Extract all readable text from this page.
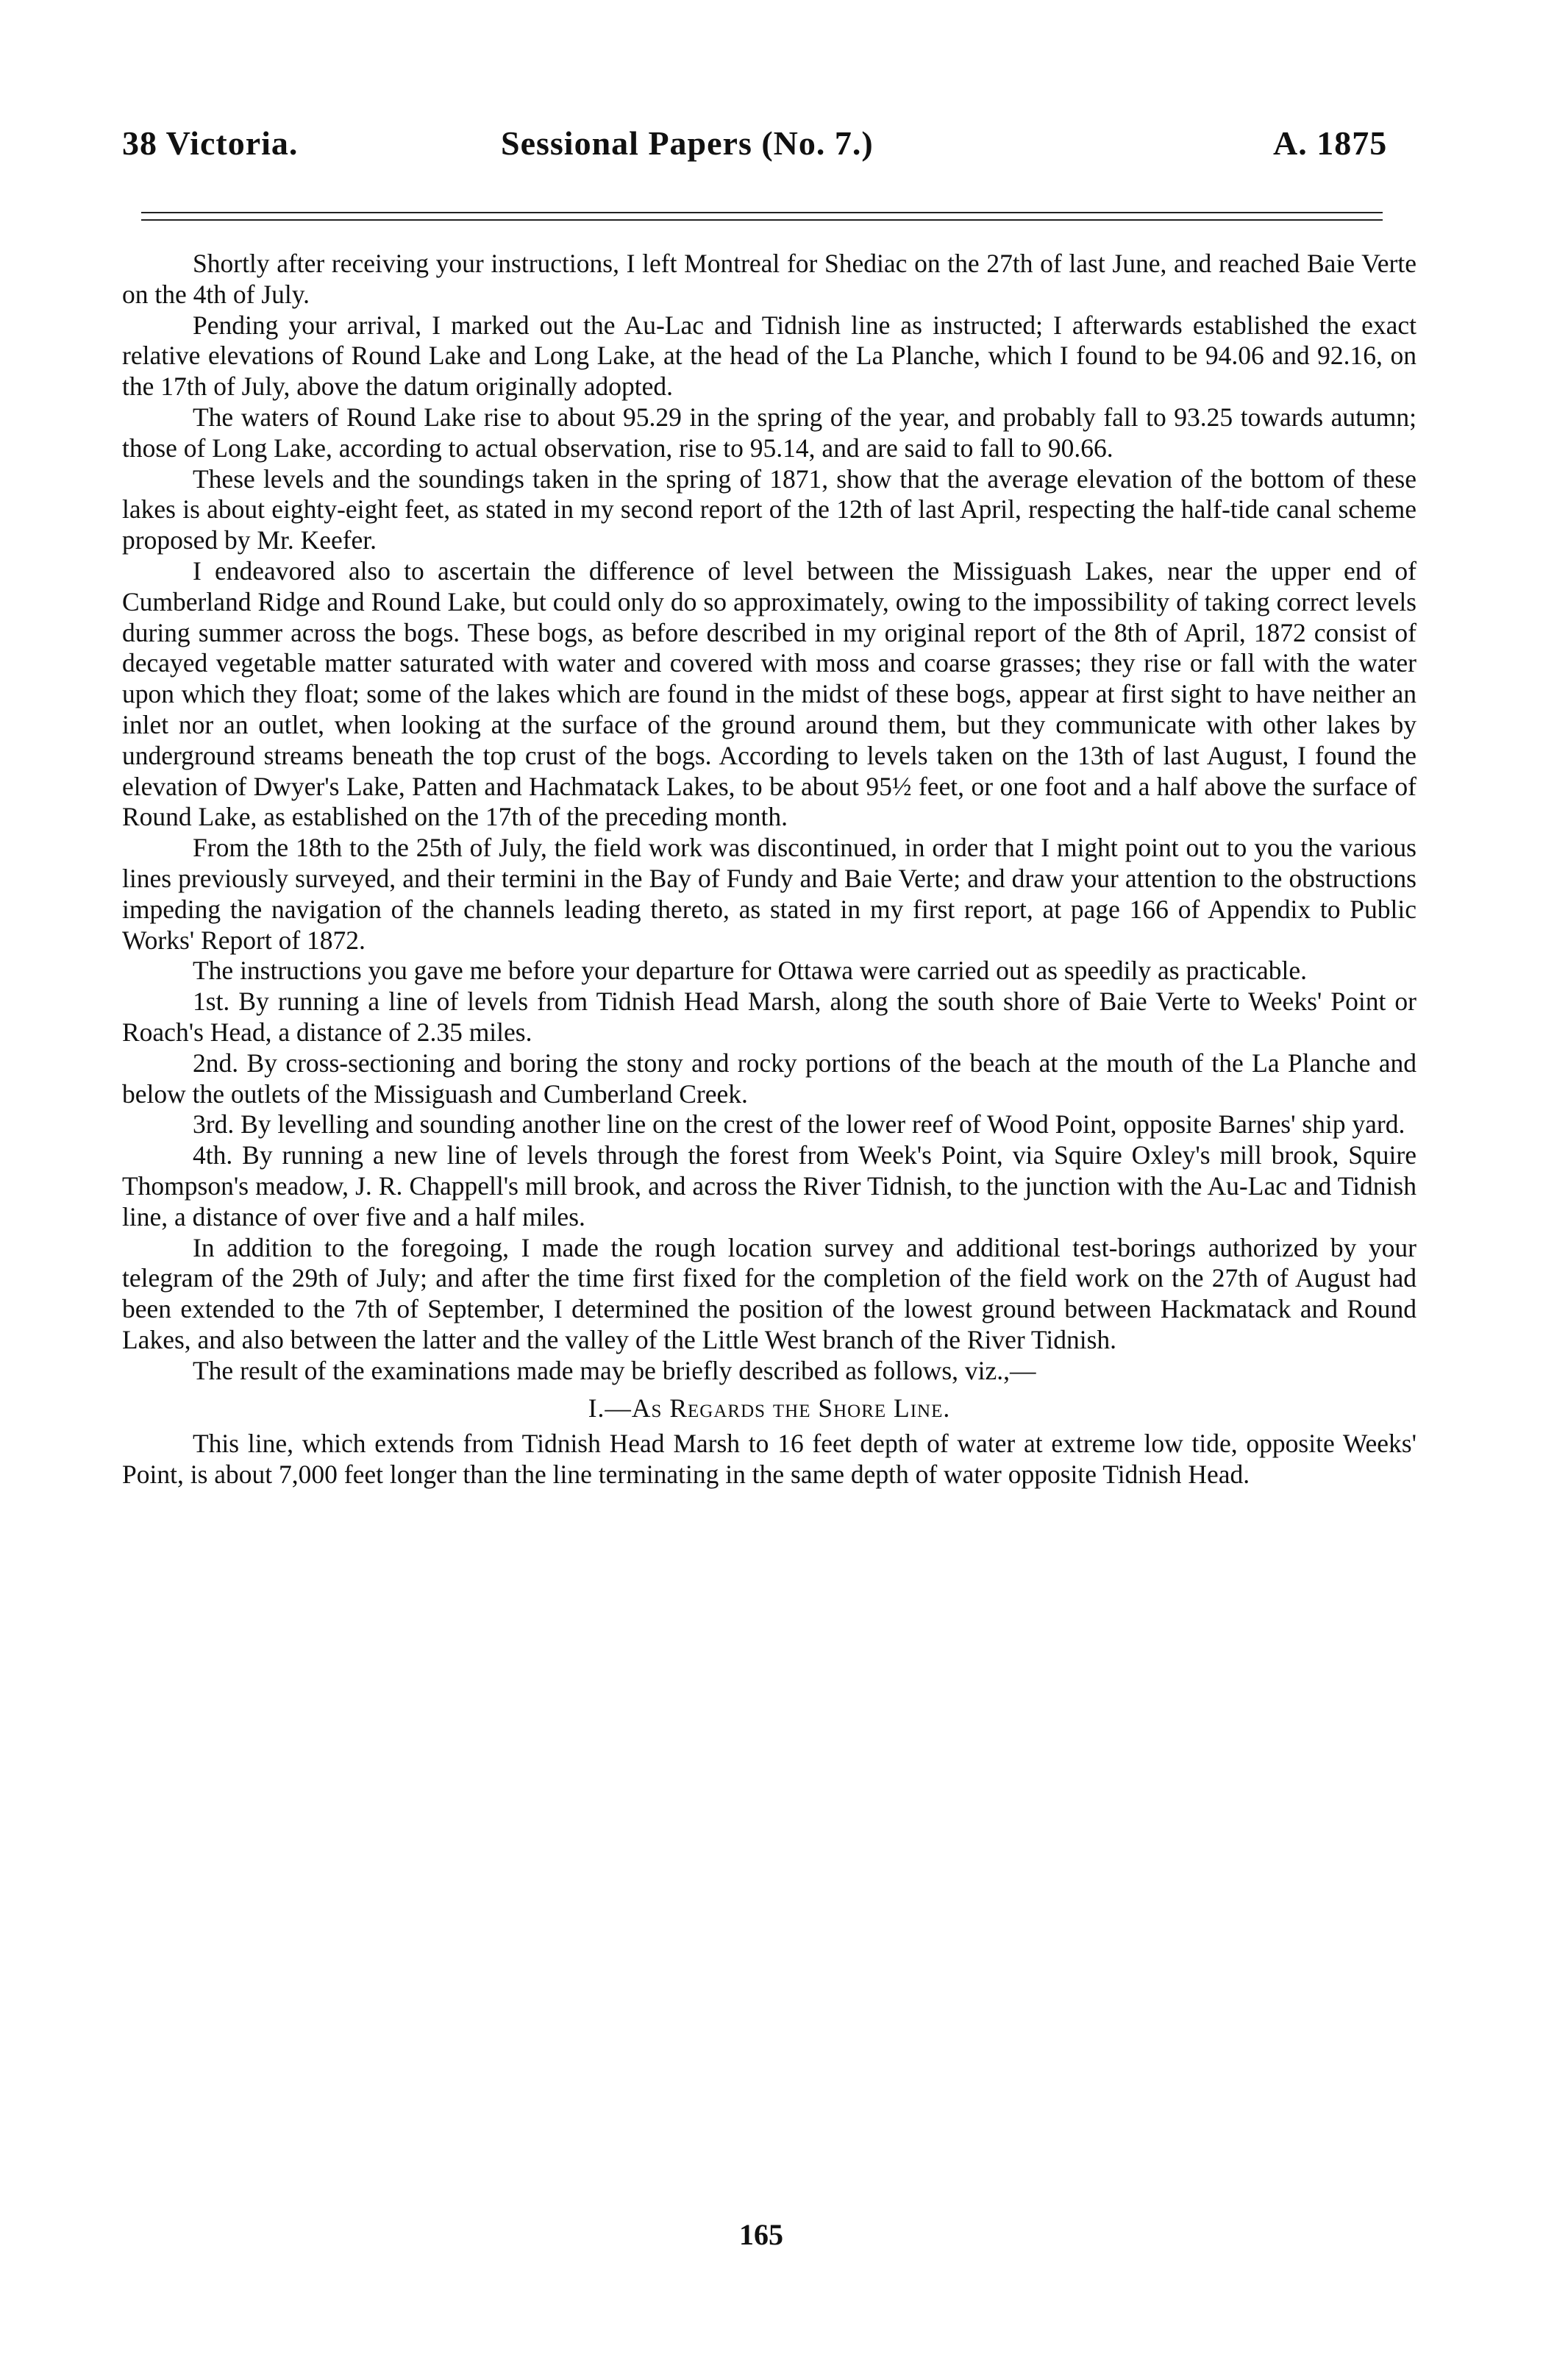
38 Victoria.	Sessional Papers (No. 7.)	A. 1875

Shortly after receiving your instructions, I left Montreal for Shediac on the 27th of last June, and reached Baie Verte on the 4th of July.

Pending your arrival, I marked out the Au-Lac and Tidnish line as instructed; I afterwards established the exact relative elevations of Round Lake and Long Lake, at the head of the La Planche, which I found to be 94.06 and 92.16, on the 17th of July, above the datum originally adopted.

The waters of Round Lake rise to about 95.29 in the spring of the year, and probably fall to 93.25 towards autumn; those of Long Lake, according to actual observation, rise to 95.14, and are said to fall to 90.66.

These levels and the soundings taken in the spring of 1871, show that the average elevation of the bottom of these lakes is about eighty-eight feet, as stated in my second report of the 12th of last April, respecting the half-tide canal scheme proposed by Mr. Keefer.

I endeavored also to ascertain the difference of level between the Missiguash Lakes, near the upper end of Cumberland Ridge and Round Lake, but could only do so approximately, owing to the impossibility of taking correct levels during summer across the bogs. These bogs, as before described in my original report of the 8th of April, 1872 consist of decayed vegetable matter saturated with water and covered with moss and coarse grasses; they rise or fall with the water upon which they float; some of the lakes which are found in the midst of these bogs, appear at first sight to have neither an inlet nor an outlet, when looking at the surface of the ground around them, but they communicate with other lakes by underground streams beneath the top crust of the bogs. According to levels taken on the 13th of last August, I found the elevation of Dwyer's Lake, Patten and Hachmatack Lakes, to be about 95½ feet, or one foot and a half above the surface of Round Lake, as established on the 17th of the preceding month.

From the 18th to the 25th of July, the field work was discontinued, in order that I might point out to you the various lines previously surveyed, and their termini in the Bay of Fundy and Baie Verte; and draw your attention to the obstructions impeding the navigation of the channels leading thereto, as stated in my first report, at page 166 of Appendix to Public Works' Report of 1872.

The instructions you gave me before your departure for Ottawa were carried out as speedily as practicable.

1st. By running a line of levels from Tidnish Head Marsh, along the south shore of Baie Verte to Weeks' Point or Roach's Head, a distance of 2.35 miles.

2nd. By cross-sectioning and boring the stony and rocky portions of the beach at the mouth of the La Planche and below the outlets of the Missiguash and Cumberland Creek.

3rd. By levelling and sounding another line on the crest of the lower reef of Wood Point, opposite Barnes' ship yard.

4th. By running a new line of levels through the forest from Week's Point, via Squire Oxley's mill brook, Squire Thompson's meadow, J. R. Chappell's mill brook, and across the River Tidnish, to the junction with the Au-Lac and Tidnish line, a distance of over five and a half miles.

In addition to the foregoing, I made the rough location survey and additional test-borings authorized by your telegram of the 29th of July; and after the time first fixed for the completion of the field work on the 27th of August had been extended to the 7th of September, I determined the position of the lowest ground between Hackmatack and Round Lakes, and also between the latter and the valley of the Little West branch of the River Tidnish.

The result of the examinations made may be briefly described as follows, viz.,—

I.—As Regards the Shore Line.

This line, which extends from Tidnish Head Marsh to 16 feet depth of water at extreme low tide, opposite Weeks' Point, is about 7,000 feet longer than the line terminating in the same depth of water opposite Tidnish Head.

165
